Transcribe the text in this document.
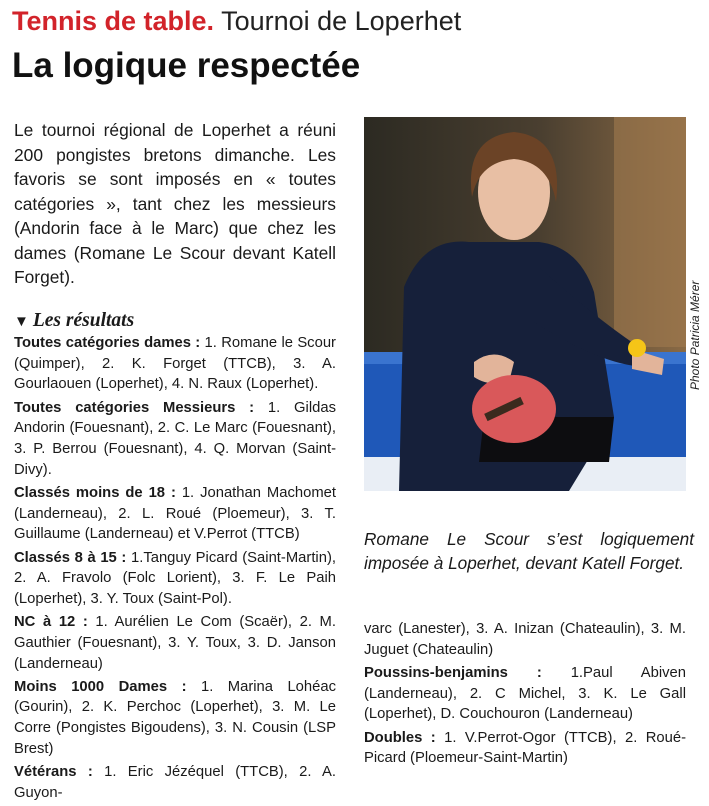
Tennis de table. Tournoi de Loperhet
La logique respectée

Le tournoi régional de Loperhet a réuni 200 pongistes bretons dimanche. Les favoris se sont imposés en « toutes catégories », tant chez les messieurs (Andorin face à le Marc) que chez les dames (Romane Le Scour devant Katell Forget).

▼ Les résultats

Toutes catégories dames : 1. Romane le Scour (Quimper), 2. K. Forget (TTCB), 3. A. Gourlaouen (Loperhet), 4. N. Raux (Loperhet).

Toutes catégories Messieurs : 1. Gildas Andorin (Fouesnant), 2. C. Le Marc (Fouesnant), 3. P. Berrou (Fouesnant), 4. Q. Morvan (Saint-Divy).

Classés moins de 18 : 1. Jonathan Machomet (Landerneau), 2. L. Roué (Ploemeur), 3. T. Guillaume (Landerneau) et V.Perrot (TTCB)

Classés 8 à 15 : 1.Tanguy Picard (Saint-Martin), 2. A. Fravolo (Folc Lorient), 3. F. Le Paih (Loperhet), 3. Y. Toux (Saint-Pol).

NC à 12 : 1. Aurélien Le Com (Scaër), 2. M. Gauthier (Fouesnant), 3. Y. Toux, 3. D. Janson (Landerneau)

Moins 1000 Dames : 1. Marina Lohéac (Gourin), 2. K. Perchoc (Loperhet), 3. M. Le Corre (Pongistes Bigoudens), 3. N. Cousin (LSP Brest)

Vétérans : 1. Eric Jézéquel (TTCB), 2. A. Guyon-

Photo Patricia Mérer

Romane Le Scour s’est logiquement imposée à Loperhet, devant Katell Forget.

varc (Lanester), 3. A. Inizan (Chateaulin), 3. M. Juguet (Chateaulin)

Poussins-benjamins : 1.Paul Abiven (Landerneau), 2. C Michel, 3. K. Le Gall (Loperhet), D. Couchouron (Landerneau)

Doubles : 1. V.Perrot-Ogor (TTCB), 2. Roué-Picard (Ploemeur-Saint-Martin)
